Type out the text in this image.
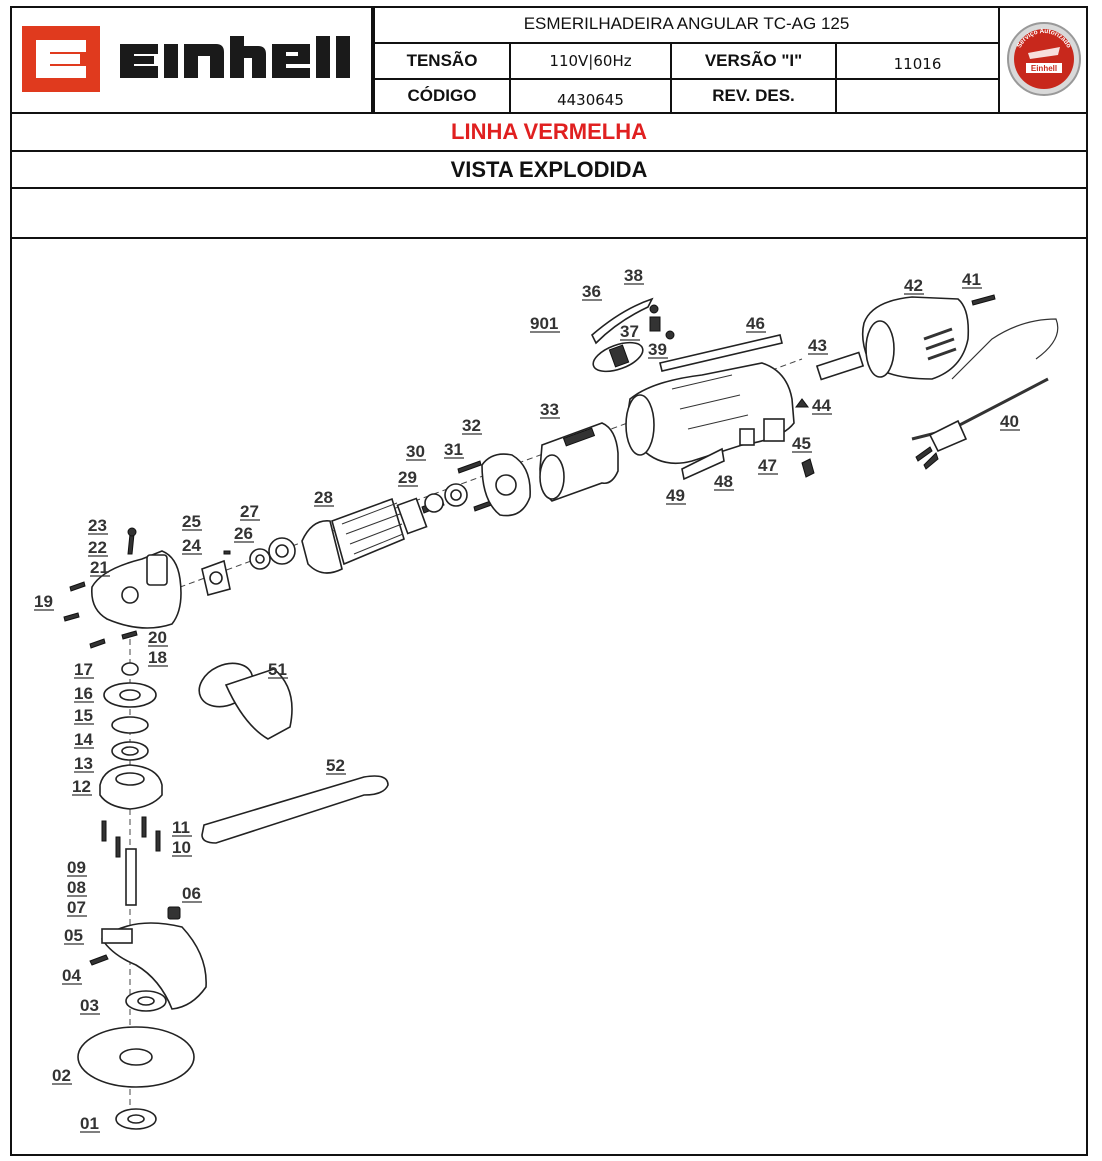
ESMERILHADEIRA ANGULAR TC-AG 125
TENSÃO	110V|60Hz	VERSÃO "I"	11016
CÓDIGO	4430645	REV. DES.
Serviço Autorizado
Einhell
LINHA VERMELHA
VISTA EXPLODIDA
01
02
03
04
05
06
07
08
09
10
11
12
13
14
15
16
17
18
19
20
21
22
23
24
25
26
27
28
29
30 31
32
33
36
37
38
39
40
41
42
43
44
45
46
47
48
49
51
52
901
